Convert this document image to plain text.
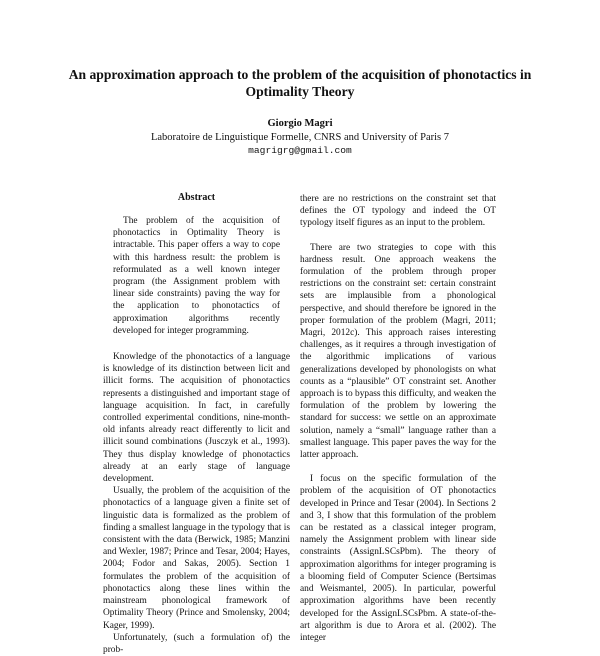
An approximation approach to the problem of the acquisition of phonotactics in Optimality Theory
Giorgio Magri
Laboratoire de Linguistique Formelle, CNRS and University of Paris 7
magrigrg@gmail.com
Abstract

The problem of the acquisition of phonotactics in Optimality Theory is intractable. This paper offers a way to cope with this hardness result: the problem is reformulated as a well known integer program (the Assignment problem with linear side constraints) paving the way for the application to phonotactics of approximation algorithms recently developed for integer programming.

Knowledge of the phonotactics of a language is knowledge of its distinction between licit and illicit forms. The acquisition of phonotactics represents a distinguished and important stage of language acquisition. In fact, in carefully controlled experimental conditions, nine-month-old infants already react differently to licit and illicit sound combinations (Jusczyk et al., 1993). They thus display knowledge of phonotactics already at an early stage of language development.

Usually, the problem of the acquisition of the phonotactics of a language given a finite set of linguistic data is formalized as the problem of finding a smallest language in the typology that is consistent with the data (Berwick, 1985; Manzini and Wexler, 1987; Prince and Tesar, 2004; Hayes, 2004; Fodor and Sakas, 2005). Section 1 formulates the problem of the acquisition of phonotactics along these lines within the mainstream phonological framework of Optimality Theory (Prince and Smolensky, 2004; Kager, 1999).

Unfortunately, (such a formulation of) the prob-

there are no restrictions on the constraint set that defines the OT typology and indeed the OT typology itself figures as an input to the problem.

There are two strategies to cope with this hardness result. One approach weakens the formulation of the problem through proper restrictions on the constraint set: certain constraint sets are implausible from a phonological perspective, and should therefore be ignored in the proper formulation of the problem (Magri, 2011; Magri, 2012c). This approach raises interesting challenges, as it requires a through investigation of the algorithmic implications of various generalizations developed by phonologists on what counts as a “plausible” OT constraint set. Another approach is to bypass this difficulty, and weaken the formulation of the problem by lowering the standard for success: we settle on an approximate solution, namely a “small” language rather than a smallest language. This paper paves the way for the latter approach.

I focus on the specific formulation of the problem of the acquisition of OT phonotactics developed in Prince and Tesar (2004). In Sections 2 and 3, I show that this formulation of the problem can be restated as a classical integer program, namely the Assignment problem with linear side constraints (AssignLSCsPbm). The theory of approximation algorithms for integer programing is a blooming field of Computer Science (Bertsimas and Weismantel, 2005). In particular, powerful approximation algorithms have been recently developed for the AssignLSCsPbm. A state-of-the-art algorithm is due to Arora et al. (2002). The integer
